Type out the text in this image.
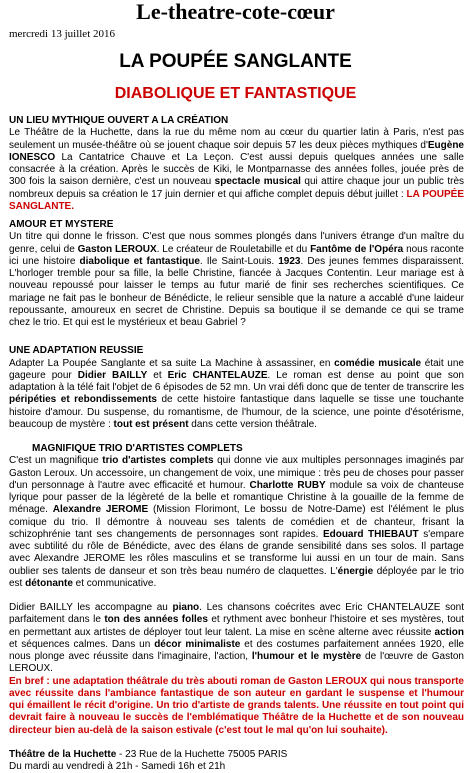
Le-theatre-cote-cœur
mercredi 13 juillet 2016
LA POUPÉE SANGLANTE
DIABOLIQUE ET FANTASTIQUE
UN LIEU MYTHIQUE OUVERT A LA CRÉATION

Le Théâtre de la Huchette, dans la rue du même nom au cœur du quartier latin à Paris, n'est pas seulement un musée-théâtre où se jouent chaque soir depuis 57 les deux pièces mythiques d'Eugène IONESCO La Cantatrice Chauve et La Leçon. C'est aussi depuis quelques années une salle consacrée à la création. Après le succès de Kiki, le Montparnasse des années folles, jouée près de 300 fois la saison dernière, c'est un nouveau spectacle musical qui attire chaque jour un public très nombreux depuis sa création le 17 juin dernier et qui affiche complet depuis début juillet : LA POUPÉE SANGLANTE.

AMOUR ET MYSTERE

Un titre qui donne le frisson. C'est que nous sommes plongés dans l'univers étrange d'un maître du genre, celui de Gaston LEROUX. Le créateur de Rouletabille et du Fantôme de l'Opéra nous raconte ici une histoire diabolique et fantastique. Ile Saint-Louis. 1923. Des jeunes femmes disparaissent. L'horloger tremble pour sa fille, la belle Christine, fiancée à Jacques Contentin. Leur mariage est à nouveau repoussé pour laisser le temps au futur marié de finir ses recherches scientifiques. Ce mariage ne fait pas le bonheur de Bénédicte, le relieur sensible que la nature a accablé d'une laideur repoussante, amoureux en secret de Christine. Depuis sa boutique il se demande ce qui se trame chez le trio. Et qui est le mystérieux et beau Gabriel ?

UNE ADAPTATION REUSSIE

Adapter La Poupée Sanglante et sa suite La Machine à assassiner, en comédie musicale était une gageure pour Didier BAILLY et Eric CHANTELAUZE. Le roman est dense au point que son adaptation à la télé fait l'objet de 6 épisodes de 52 mn. Un vrai défi donc que de tenter de transcrire les péripéties et rebondissements de cette histoire fantastique dans laquelle se tisse une touchante histoire d'amour. Du suspense, du romantisme, de l'humour, de la science, une pointe d'ésotérisme, beaucoup de mystère : tout est présent dans cette version théâtrale.

MAGNIFIQUE TRIO D'ARTISTES COMPLETS

C'est un magnifique trio d'artistes complets qui donne vie aux multiples personnages imaginés par Gaston Leroux. Un accessoire, un changement de voix, une mimique : très peu de choses pour passer d'un personnage à l'autre avec efficacité et humour. Charlotte RUBY module sa voix de chanteuse lyrique pour passer de la légèreté de la belle et romantique Christine à la gouaille de la femme de ménage. Alexandre JEROME (Mission Florimont, Le bossu de Notre-Dame) est l'élément le plus comique du trio. Il démontre à nouveau ses talents de comédien et de chanteur, frisant la schizophrénie tant ses changements de personnages sont rapides. Edouard THIEBAUT s'empare avec subtilité du rôle de Bénédicte, avec des élans de grande sensibilité dans ses solos. Il partage avec Alexandre JEROME les rôles masculins et se transforme lui aussi en un tour de main. Sans oublier ses talents de danseur et son très beau numéro de claquettes. L'énergie déployée par le trio est détonante et communicative.

Didier BAILLY les accompagne au piano. Les chansons coécrites avec Eric CHANTELAUZE sont parfaitement dans le ton des années folles et rythment avec bonheur l'histoire et ses mystères, tout en permettant aux artistes de déployer tout leur talent. La mise en scène alterne avec réussite action et séquences calmes. Dans un décor minimaliste et des costumes parfaitement années 1920, elle nous plonge avec réussite dans l'imaginaire, l'action, l'humour et le mystère de l'œuvre de Gaston LEROUX.

En bref : une adaptation théâtrale du très abouti roman de Gaston LEROUX qui nous transporte avec réussite dans l'ambiance fantastique de son auteur en gardant le suspense et l'humour qui émaillent le récit d'origine. Un trio d'artiste de grands talents. Une réussite en tout point qui devrait faire à nouveau le succès de l'emblématique Théâtre de la Huchette et de son nouveau directeur bien au-delà de la saison estivale (c'est tout le mal qu'on lui souhaite).

Théâtre de la Huchette - 23 Rue de la Huchette 75005 PARIS

Du mardi au vendredi à 21h - Samedi 16h et 21h
